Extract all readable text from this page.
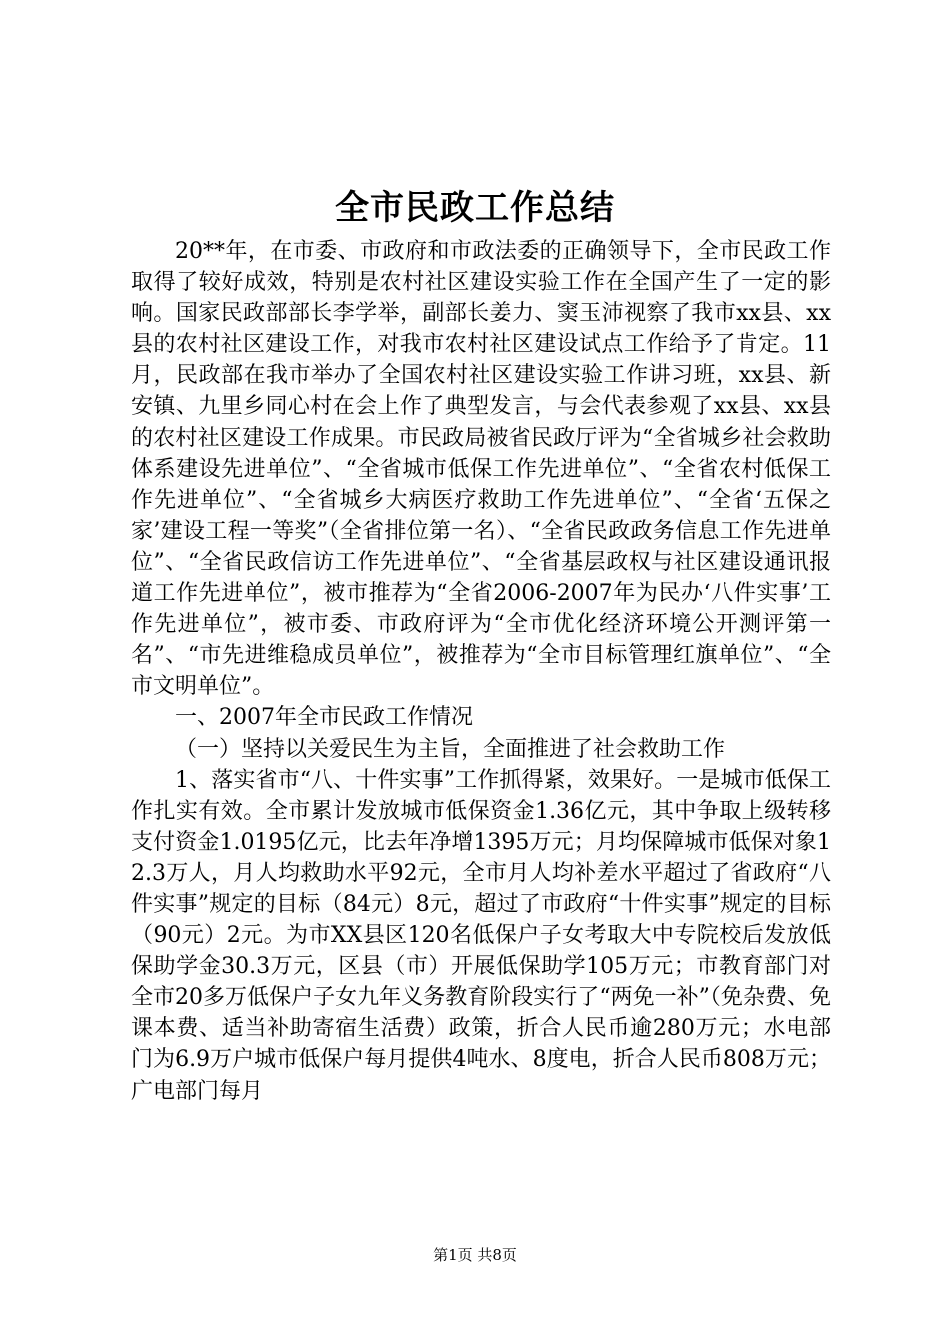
全市民政工作总结

20**年，在市委、市政府和市政法委的正确领导下，全市民政工作取得了较好成效，特别是农村社区建设实验工作在全国产生了一定的影响。国家民政部部长李学举，副部长姜力、窦玉沛视察了我市xx县、xx县的农村社区建设工作，对我市农村社区建设试点工作给予了肯定。11月，民政部在我市举办了全国农村社区建设实验工作讲习班，xx县、新安镇、九里乡同心村在会上作了典型发言，与会代表参观了xx县、xx县的农村社区建设工作成果。市民政局被省民政厅评为“全省城乡社会救助体系建设先进单位”、“全省城市低保工作先进单位”、“全省农村低保工作先进单位”、“全省城乡大病医疗救助工作先进单位”、“全省‘五保之家’建设工程一等奖”（全省排位第一名）、“全省民政政务信息工作先进单位”、“全省民政信访工作先进单位”、“全省基层政权与社区建设通讯报道工作先进单位”，被市推荐为“全省2006-2007年为民办‘八件实事’工作先进单位”，被市委、市政府评为“全市优化经济环境公开测评第一名”、“市先进维稳成员单位”，被推荐为“全市目标管理红旗单位”、“全市文明单位”。

一、2007年全市民政工作情况

（一）坚持以关爱民生为主旨，全面推进了社会救助工作

1、落实省市“八、十件实事”工作抓得紧，效果好。一是城市低保工作扎实有效。全市累计发放城市低保资金1.36亿元，其中争取上级转移支付资金1.0195亿元，比去年净增1395万元；月均保障城市低保对象12.3万人，月人均救助水平92元，全市月人均补差水平超过了省政府“八件实事”规定的目标（84元）8元，超过了市政府“十件实事”规定的目标（90元）2元。为市XX县区120名低保户子女考取大中专院校后发放低保助学金30.3万元，区县（市）开展低保助学105万元；市教育部门对全市20多万低保户子女九年义务教育阶段实行了“两免一补”（免杂费、免课本费、适当补助寄宿生活费）政策，折合人民币逾280万元；水电部门为6.9万户城市低保户每月提供4吨水、8度电，折合人民币808万元；广电部门每月

第1页 共8页
